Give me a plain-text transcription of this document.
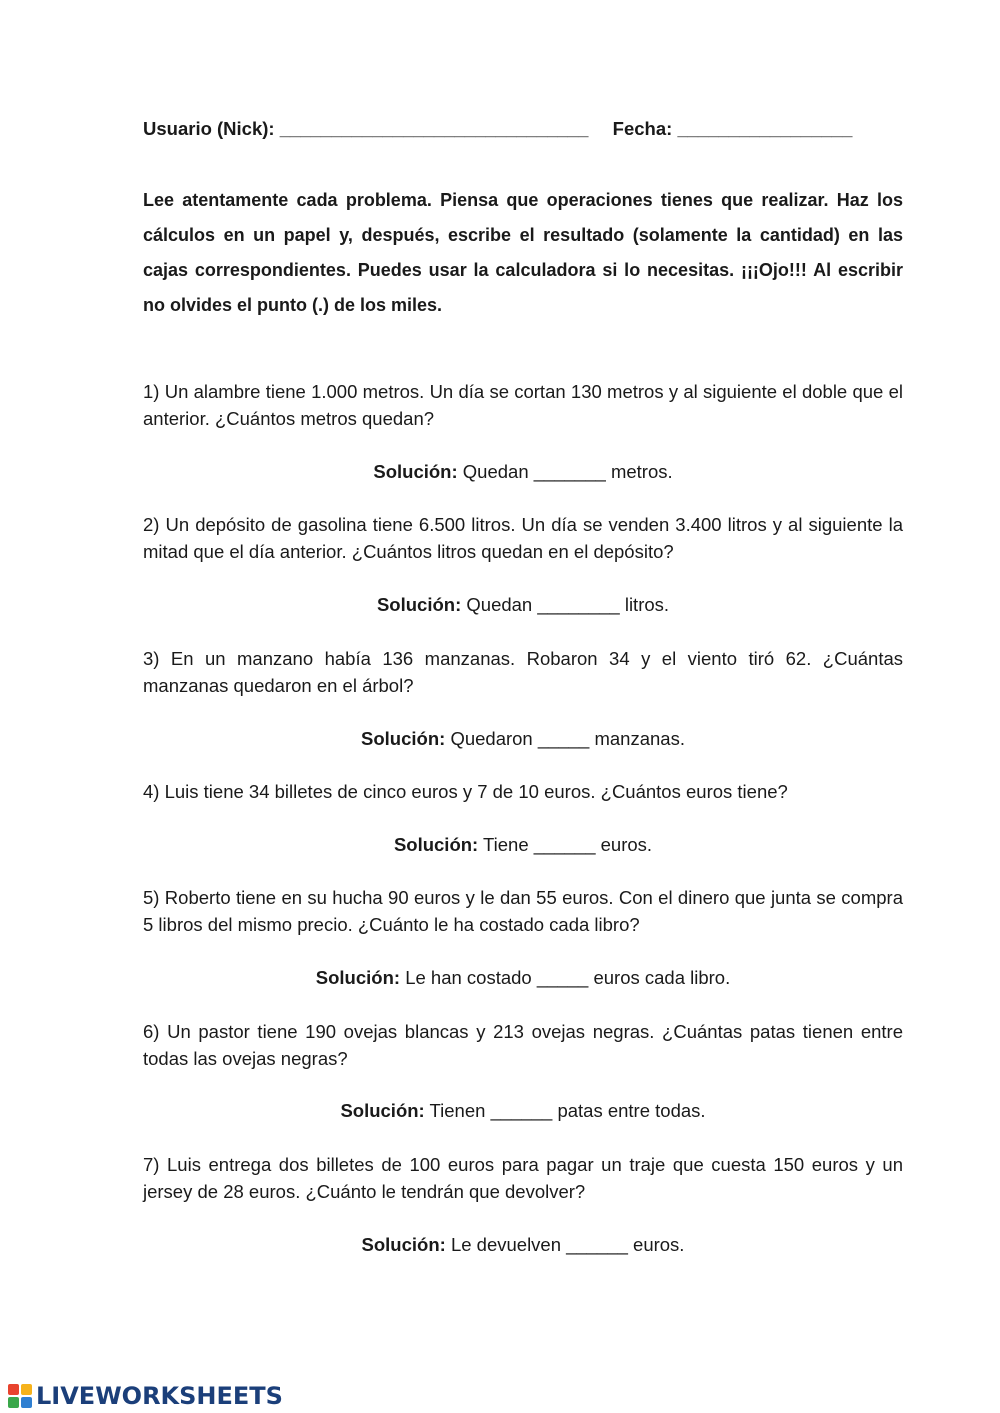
Usuario (Nick): ______________________________ Fecha: _________________
Lee atentamente cada problema. Piensa que operaciones tienes que realizar. Haz los cálculos en un papel y, después, escribe el resultado (solamente la cantidad) en las cajas correspondientes. Puedes usar la calculadora si lo necesitas. ¡¡¡Ojo!!! Al escribir no olvides el punto (.) de los miles.
1) Un alambre tiene 1.000 metros. Un día se cortan 130 metros y al siguiente el doble que el anterior. ¿Cuántos metros quedan?
Solución: Quedan _______ metros.
2) Un depósito de gasolina tiene 6.500 litros. Un día se venden 3.400 litros y al siguiente la mitad que el día anterior. ¿Cuántos litros quedan en el depósito?
Solución: Quedan ________ litros.
3) En un manzano había 136 manzanas. Robaron 34 y el viento tiró 62. ¿Cuántas manzanas quedaron en el árbol?
Solución: Quedaron _____ manzanas.
4) Luis tiene 34 billetes de cinco euros y 7 de 10 euros. ¿Cuántos euros tiene?
Solución: Tiene ______ euros.
5) Roberto tiene en su hucha 90 euros y le dan 55 euros. Con el dinero que junta se compra 5 libros del mismo precio. ¿Cuánto le ha costado cada libro?
Solución: Le han costado _____ euros cada libro.
6) Un pastor tiene 190 ovejas blancas y 213 ovejas negras. ¿Cuántas patas tienen entre todas las ovejas negras?
Solución: Tienen ______ patas entre todas.
7) Luis entrega dos billetes de 100 euros para pagar un traje que cuesta 150 euros y un jersey de 28 euros. ¿Cuánto le tendrán que devolver?
Solución: Le devuelven ______ euros.
LIVEWORKSHEETS
